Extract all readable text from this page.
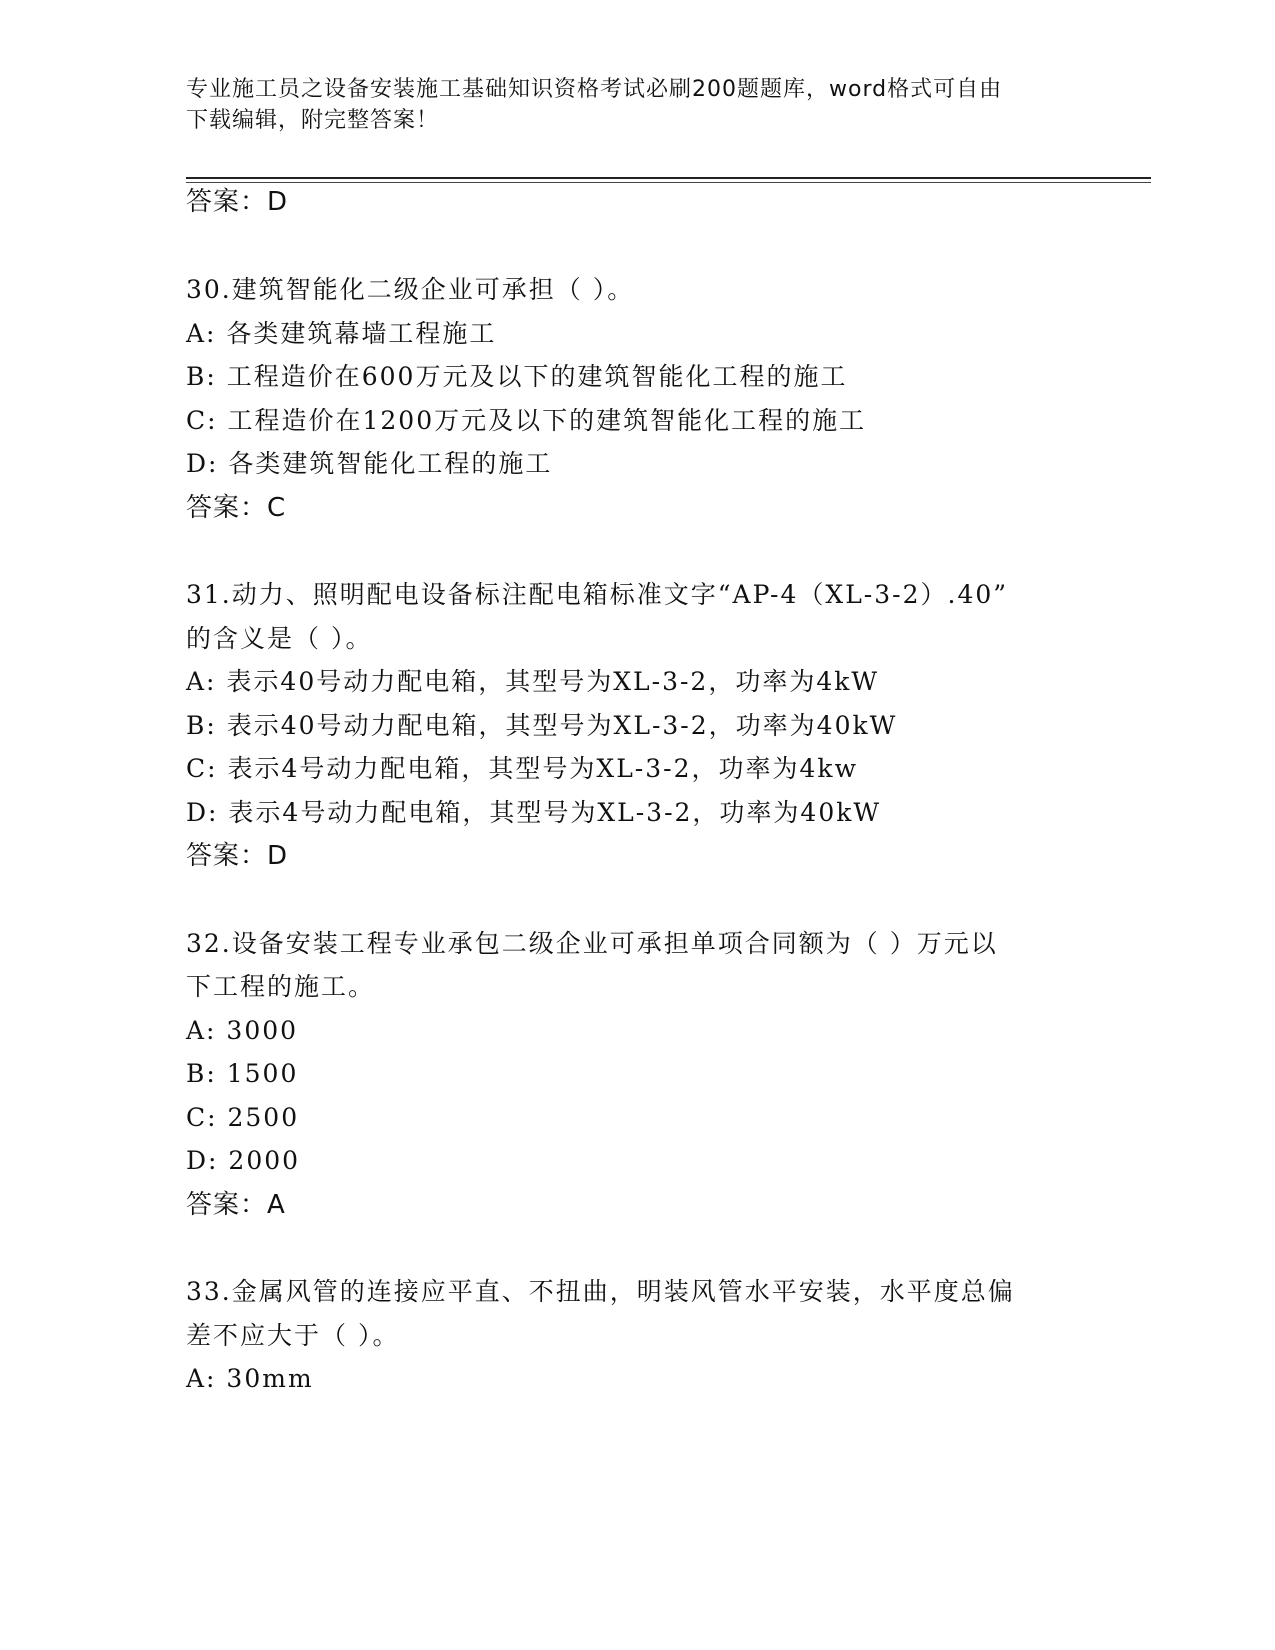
专业施工员之设备安装施工基础知识资格考试必刷200题题库，word格式可自由
下载编辑，附完整答案！
答案：D
30.建筑智能化二级企业可承担（ ）。
A: 各类建筑幕墙工程施工
B: 工程造价在600万元及以下的建筑智能化工程的施工
C: 工程造价在1200万元及以下的建筑智能化工程的施工
D: 各类建筑智能化工程的施工
答案：C
31.动力、照明配电设备标注配电箱标准文字“AP-4（XL-3-2）.40”
的含义是（ ）。
A: 表示40号动力配电箱，其型号为XL-3-2，功率为4kW
B: 表示40号动力配电箱，其型号为XL-3-2，功率为40kW
C: 表示4号动力配电箱，其型号为XL-3-2，功率为4kw
D: 表示4号动力配电箱，其型号为XL-3-2，功率为40kW
答案：D
32.设备安装工程专业承包二级企业可承担单项合同额为（ ）万元以
下工程的施工。
A: 3000
B: 1500
C: 2500
D: 2000
答案：A
33.金属风管的连接应平直、不扭曲，明装风管水平安装，水平度总偏
差不应大于（ ）。
A: 30mm
